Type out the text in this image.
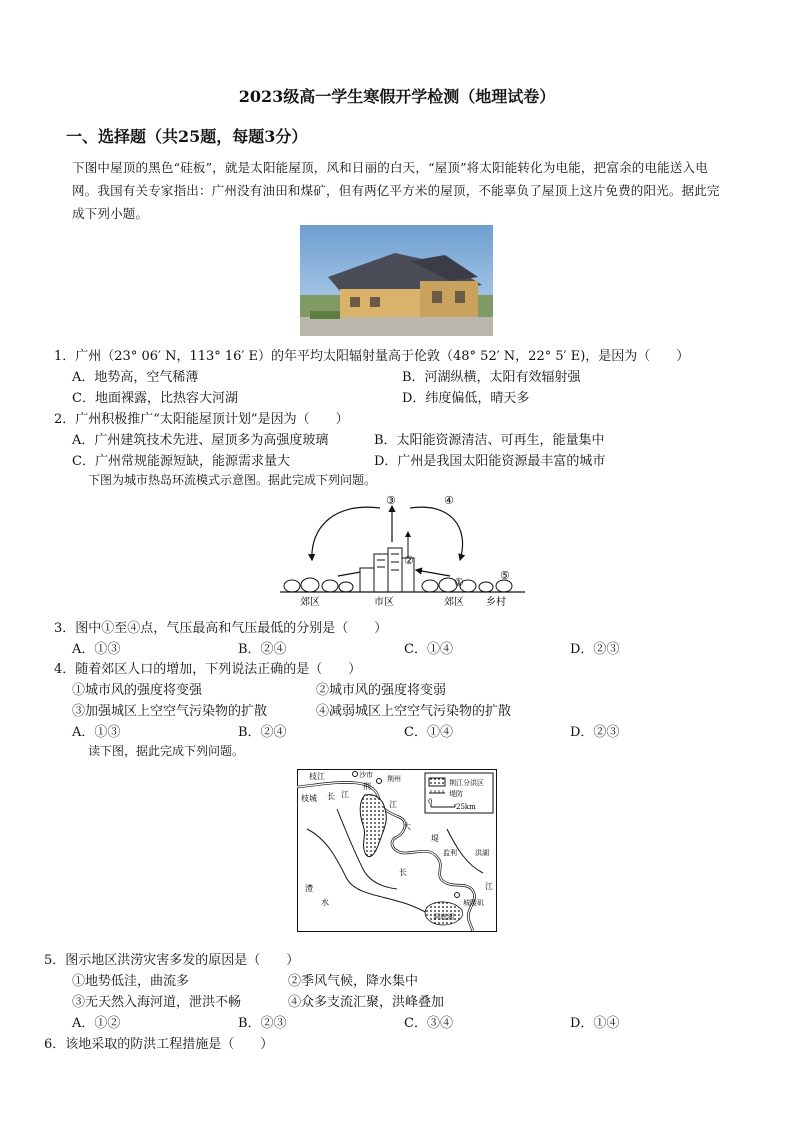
2023级高一学生寒假开学检测（地理试卷）
一、选择题（共25题，每题3分）
下图中屋顶的黑色“硅板”，就是太阳能屋顶，风和日丽的白天，“屋顶”将太阳能转化为电能，把富余的电能送入电网。我国有关专家指出：广州没有油田和煤矿，但有两亿平方米的屋顶，不能辜负了屋顶上这片免费的阳光。据此完成下列小题。
1．广州（23° 06′ N，113° 16′ E）的年平均太阳辐射量高于伦敦（48° 52′ N，22° 5′ E)，是因为（　　）
A．地势高，空气稀薄	B．河湖纵横，太阳有效辐射强
C．地面裸露，比热容大河湖	D．纬度偏低，晴天多
2．广州积极推广“太阳能屋顶计划”是因为（　　）
A．广州建筑技术先进、屋顶多为高强度玻璃	B．太阳能资源清洁、可再生，能量集中
C．广州常规能源短缺，能源需求量大	D．广州是我国太阳能资源最丰富的城市
下图为城市热岛环流模式示意图。据此完成下列问题。
③	④
②
①
⑤
郊区	市区	郊区 乡村
3．图中①至④点，气压最高和气压最低的分别是（　　）
A．①③	B．②④	C．①④	D．②③
4．随着郊区人口的增加，下列说法正确的是（　　）
①城市风的强度将变强	②城市风的强度将变弱
③加强城区上空空气污染物的扩散	④减弱城区上空空气污染物的扩散
A．①③	B．②④	C．①④	D．②③
读下图，据此完成下列问题。
荆江分洪区
堤防
0
25km
枝江
枝城
沙市 荆州
荆
江
江
长
大
堤
监利	洪湖
澧
水
长
江
城陵矶
洞庭湖
5．图示地区洪涝灾害多发的原因是（　　）
①地势低洼，曲流多	②季风气候，降水集中
③无天然入海河道，泄洪不畅	④众多支流汇聚，洪峰叠加
A．①②	B．②③	C．③④	D．①④
6．该地采取的防洪工程措施是（　　）
